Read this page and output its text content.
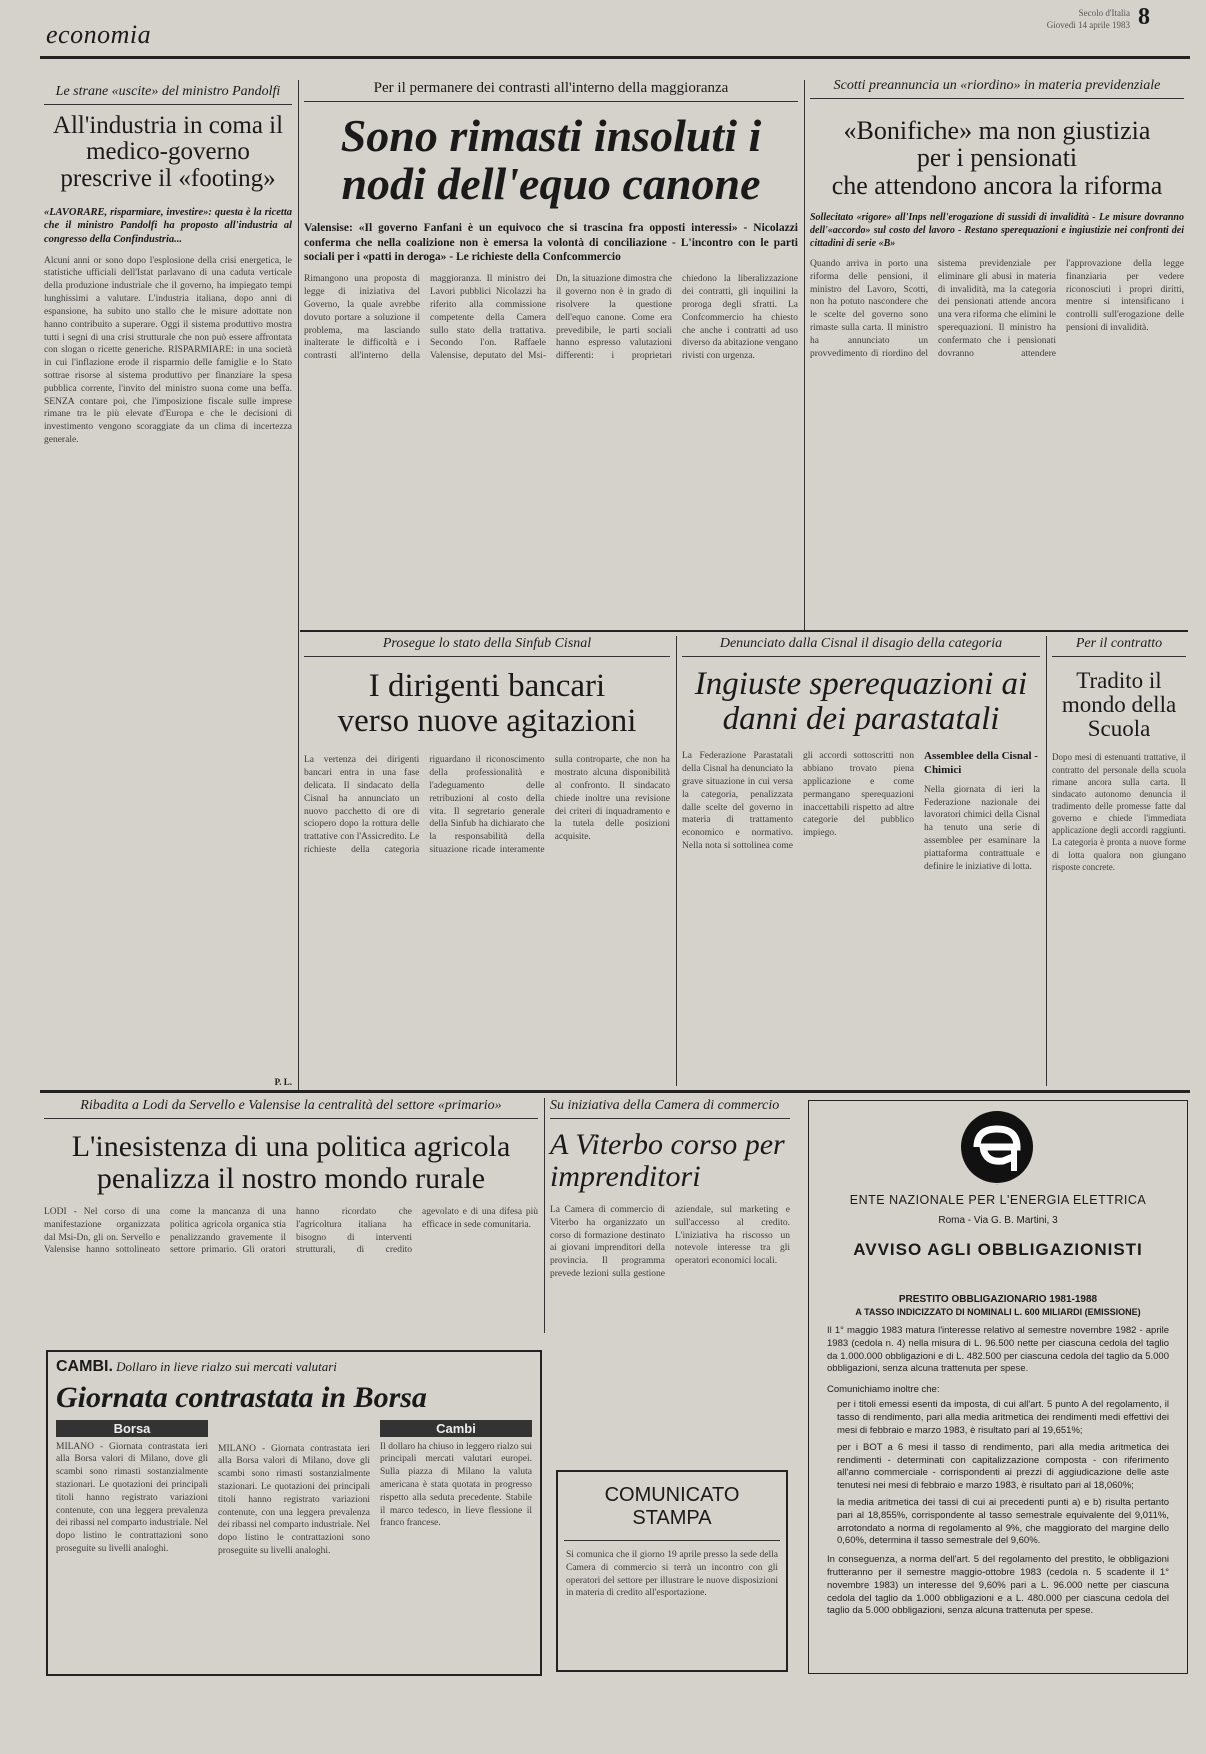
economia
Secolo d'Italia
Giovedì 14 aprile 1983 8
Le strane «uscite» del ministro Pandolfi
All'industria in coma il medico-governo prescrive il «footing»
«LAVORARE, risparmiare, investire»: questa è la ricetta che il ministro Pandolfi ha proposto all'industria al congresso della Confindustria...
Alcuni anni or sono dopo l'esplosione della crisi energetica, le statistiche ufficiali dell'Istat parlavano di una caduta verticale della produzione industriale che il governo, ha impiegato tempi lunghissimi a valutare. L'industria italiana, dopo anni di espansione, ha subito uno stallo che le misure adottate non hanno contribuito a superare. Oggi il sistema produttivo mostra tutti i segni di una crisi strutturale che non può essere affrontata con slogan o ricette generiche. RISPARMIARE: in una società in cui l'inflazione erode il risparmio delle famiglie e lo Stato sottrae risorse al sistema produttivo per finanziare la spesa pubblica corrente, l'invito del ministro suona come una beffa. SENZA contare poi, che l'imposizione fiscale sulle imprese rimane tra le più elevate d'Europa e che le decisioni di investimento vengono scoraggiate da un clima di incertezza generale.
P. L.
Per il permanere dei contrasti all'interno della maggioranza
Sono rimasti insoluti i nodi dell'equo canone
Valensise: «Il governo Fanfani è un equivoco che si trascina fra opposti interessi» - Nicolazzi conferma che nella coalizione non è emersa la volontà di conciliazione - L'incontro con le parti sociali per i «patti in deroga» - Le richieste della Confcommercio
Rimangono una proposta di legge di iniziativa del Governo, la quale avrebbe dovuto portare a soluzione il problema, ma lasciando inalterate le difficoltà e i contrasti all'interno della maggioranza. Il ministro dei Lavori pubblici Nicolazzi ha riferito alla commissione competente della Camera sullo stato della trattativa. Secondo l'on. Raffaele Valensise, deputato del Msi-Dn, la situazione dimostra che il governo non è in grado di risolvere la questione dell'equo canone. Come era prevedibile, le parti sociali hanno espresso valutazioni differenti: i proprietari chiedono la liberalizzazione dei contratti, gli inquilini la proroga degli sfratti. La Confcommercio ha chiesto che anche i contratti ad uso diverso da abitazione vengano rivisti con urgenza.
Scotti preannuncia un «riordino» in materia previdenziale
«Bonifiche» ma non giustizia
per i pensionati
che attendono ancora la riforma
Sollecitato «rigore» all'Inps nell'erogazione di sussidi di invalidità - Le misure dovranno dell'«accordo» sul costo del lavoro - Restano sperequazioni e ingiustizie nei confronti dei cittadini di serie «B»
Quando arriva in porto una riforma delle pensioni, il ministro del Lavoro, Scotti, non ha potuto nascondere che le scelte del governo sono rimaste sulla carta. Il ministro ha annunciato un provvedimento di riordino del sistema previdenziale per eliminare gli abusi in materia di invalidità, ma la categoria dei pensionati attende ancora una vera riforma che elimini le sperequazioni. Il ministro ha confermato che i pensionati dovranno attendere l'approvazione della legge finanziaria per vedere riconosciuti i propri diritti, mentre si intensificano i controlli sull'erogazione delle pensioni di invalidità.
Prosegue lo stato della Sinfub Cisnal
I dirigenti bancari verso nuove agitazioni
La vertenza dei dirigenti bancari entra in una fase delicata. Il sindacato della Cisnal ha annunciato un nuovo pacchetto di ore di sciopero dopo la rottura delle trattative con l'Assicredito. Le richieste della categoria riguardano il riconoscimento della professionalità e l'adeguamento delle retribuzioni al costo della vita. Il segretario generale della Sinfub ha dichiarato che la responsabilità della situazione ricade interamente sulla controparte, che non ha mostrato alcuna disponibilità al confronto. Il sindacato chiede inoltre una revisione dei criteri di inquadramento e la tutela delle posizioni acquisite.
Denunciato dalla Cisnal il disagio della categoria
Ingiuste sperequazioni ai danni dei parastatali
La Federazione Parastatali della Cisnal ha denunciato la grave situazione in cui versa la categoria, penalizzata dalle scelte del governo in materia di trattamento economico e normativo. Nella nota si sottolinea come gli accordi sottoscritti non abbiano trovato piena applicazione e come permangano sperequazioni inaccettabili rispetto ad altre categorie del pubblico impiego.
Assemblee della Cisnal - Chimici
Nella giornata di ieri la Federazione nazionale dei lavoratori chimici della Cisnal ha tenuto una serie di assemblee per esaminare la piattaforma contrattuale e definire le iniziative di lotta.
Per il contratto
Tradito il mondo della Scuola
Dopo mesi di estenuanti trattative, il contratto del personale della scuola rimane ancora sulla carta. Il sindacato autonomo denuncia il tradimento delle promesse fatte dal governo e chiede l'immediata applicazione degli accordi raggiunti. La categoria è pronta a nuove forme di lotta qualora non giungano risposte concrete.
Ribadita a Lodi da Servello e Valensise la centralità del settore «primario»
L'inesistenza di una politica agricola penalizza il nostro mondo rurale
LODI - Nel corso di una manifestazione organizzata dal Msi-Dn, gli on. Servello e Valensise hanno sottolineato come la mancanza di una politica agricola organica stia penalizzando gravemente il settore primario. Gli oratori hanno ricordato che l'agricoltura italiana ha bisogno di interventi strutturali, di credito agevolato e di una difesa più efficace in sede comunitaria.
Su iniziativa della Camera di commercio
A Viterbo corso per imprenditori
La Camera di commercio di Viterbo ha organizzato un corso di formazione destinato ai giovani imprenditori della provincia. Il programma prevede lezioni sulla gestione aziendale, sul marketing e sull'accesso al credito. L'iniziativa ha riscosso un notevole interesse tra gli operatori economici locali.
CAMBI. Dollaro in lieve rialzo sui mercati valutari
Giornata contrastata in Borsa
Borsa
MILANO - Giornata contrastata ieri alla Borsa valori di Milano, dove gli scambi sono rimasti sostanzialmente stazionari. Le quotazioni dei principali titoli hanno registrato variazioni contenute, con una leggera prevalenza dei ribassi nel comparto industriale. Nel dopo listino le contrattazioni sono proseguite su livelli analoghi.
MILANO - Giornata contrastata ieri alla Borsa valori di Milano, dove gli scambi sono rimasti sostanzialmente stazionari. Le quotazioni dei principali titoli hanno registrato variazioni contenute, con una leggera prevalenza dei ribassi nel comparto industriale. Nel dopo listino le contrattazioni sono proseguite su livelli analoghi.
Cambi
Il dollaro ha chiuso in leggero rialzo sui principali mercati valutari europei. Sulla piazza di Milano la valuta americana è stata quotata in progresso rispetto alla seduta precedente. Stabile il marco tedesco, in lieve flessione il franco francese.
COMUNICATO STAMPA
Si comunica che il giorno 19 aprile presso la sede della Camera di commercio si terrà un incontro con gli operatori del settore per illustrare le nuove disposizioni in materia di credito all'esportazione.
enel
ENTE NAZIONALE PER L'ENERGIA ELETTRICA
Roma - Via G. B. Martini, 3
AVVISO AGLI OBBLIGAZIONISTI
PRESTITO OBBLIGAZIONARIO 1981-1988
A TASSO INDICIZZATO DI NOMINALI L. 600 MILIARDI (EMISSIONE)
Il 1° maggio 1983 matura l'interesse relativo al semestre novembre 1982 - aprile 1983 (cedola n. 4) nella misura di L. 96.500 nette per ciascuna cedola del taglio da 1.000.000 obbligazioni e di L. 482.500 per ciascuna cedola del taglio da 5.000 obbligazioni, senza alcuna trattenuta per spese.
Comunichiamo inoltre che:
per i titoli emessi esenti da imposta, di cui all'art. 5 punto A del regolamento, il tasso di rendimento, pari alla media aritmetica dei rendimenti medi effettivi dei mesi di febbraio e marzo 1983, è risultato pari al 19,651%;
per i BOT a 6 mesi il tasso di rendimento, pari alla media aritmetica dei rendimenti - determinati con capitalizzazione composta - con riferimento all'anno commerciale - corrispondenti ai prezzi di aggiudicazione delle aste tenutesi nei mesi di febbraio e marzo 1983, è risultato pari al 18,060%;
la media aritmetica dei tassi di cui ai precedenti punti a) e b) risulta pertanto pari al 18,855%, corrispondente al tasso semestrale equivalente del 9,011%, arrotondato a norma di regolamento al 9%, che maggiorato del margine dello 0,60%, determina il tasso semestrale del 9,60%.
In conseguenza, a norma dell'art. 5 del regolamento del prestito, le obbligazioni frutteranno per il semestre maggio-ottobre 1983 (cedola n. 5 scadente il 1° novembre 1983) un interesse del 9,60% pari a L. 96.000 nette per ciascuna cedola del taglio da 1.000 obbligazioni e a L. 480.000 per ciascuna cedola del taglio da 5.000 obbligazioni, senza alcuna trattenuta per spese.
